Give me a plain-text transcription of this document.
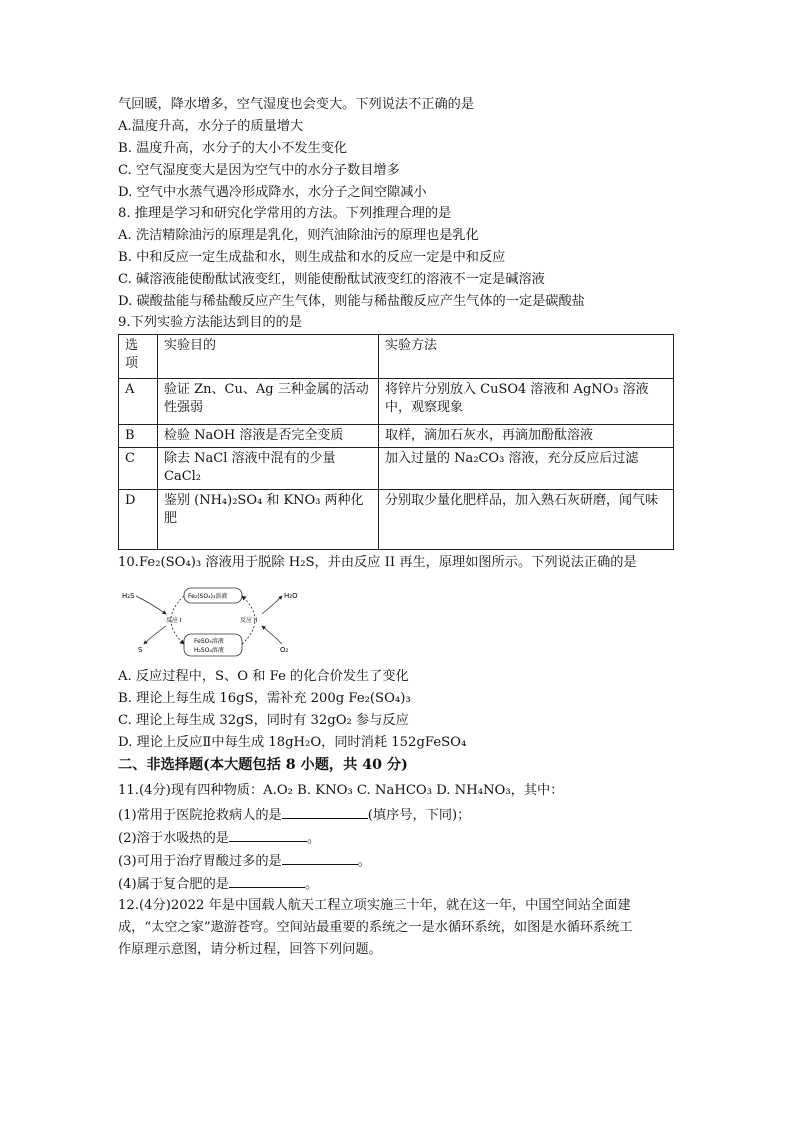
气回暖，降水增多，空气湿度也会变大。下列说法不正确的是
A.温度升高，水分子的质量增大
B. 温度升高，水分子的大小不发生变化
C. 空气湿度变大是因为空气中的水分子数目增多
D. 空气中水蒸气遇冷形成降水，水分子之间空隙减小
8. 推理是学习和研究化学常用的方法。下列推理合理的是
A. 洗洁精除油污的原理是乳化，则汽油除油污的原理也是乳化
B. 中和反应一定生成盐和水，则生成盐和水的反应一定是中和反应
C. 碱溶液能使酚酞试液变红，则能使酚酞试液变红的溶液不一定是碱溶液
D. 碳酸盐能与稀盐酸反应产生气体，则能与稀盐酸反应产生气体的一定是碳酸盐
9.下列实验方法能达到目的的是
选项	实验目的	实验方法
A	验证 Zn、Cu、Ag 三种金属的活动性强弱	将锌片分别放入 CuSO4 溶液和 AgNO₃ 溶液中，观察现象
B	检验 NaOH 溶液是否完全变质	取样，滴加石灰水，再滴加酚酞溶液
C	除去 NaCl 溶液中混有的少量 CaCl₂	加入过量的 Na₂CO₃ 溶液，充分反应后过滤
D	鉴别 (NH₄)₂SO₄ 和 KNO₃ 两种化肥	分别取少量化肥样品，加入熟石灰研磨，闻气味
10.Fe₂(SO₄)₃ 溶液用于脱除 H₂S，并由反应 II 再生，原理如图所示。下列说法正确的是
H₂S
S
H₂O
O₂
Fe₂(SO₄)₃溶液
FeSO₄溶液
H₂SO₄溶液
反应 I	反应 II
A. 反应过程中，S、O 和 Fe 的化合价发生了变化
B. 理论上每生成 16gS，需补充 200g Fe₂(SO₄)₃
C. 理论上每生成 32gS，同时有 32gO₂ 参与反应
D. 理论上反应Ⅱ中每生成 18gH₂O，同时消耗 152gFeSO₄
二、非选择题(本大题包括 8 小题，共 40 分)
11.(4分)现有四种物质：A.O₂ B. KNO₃ C. NaHCO₃ D. NH₄NO₃，其中：
(1)常用于医院抢救病人的是	(填序号，下同)；
(2)溶于水吸热的是	。
(3)可用于治疗胃酸过多的是	。
(4)属于复合肥的是	。
12.(4分)2022 年是中国载人航天工程立项实施三十年，就在这一年，中国空间站全面建
成，“太空之家”遨游苍穹。空间站最重要的系统之一是水循环系统，如图是水循环系统工
作原理示意图，请分析过程，回答下列问题。
